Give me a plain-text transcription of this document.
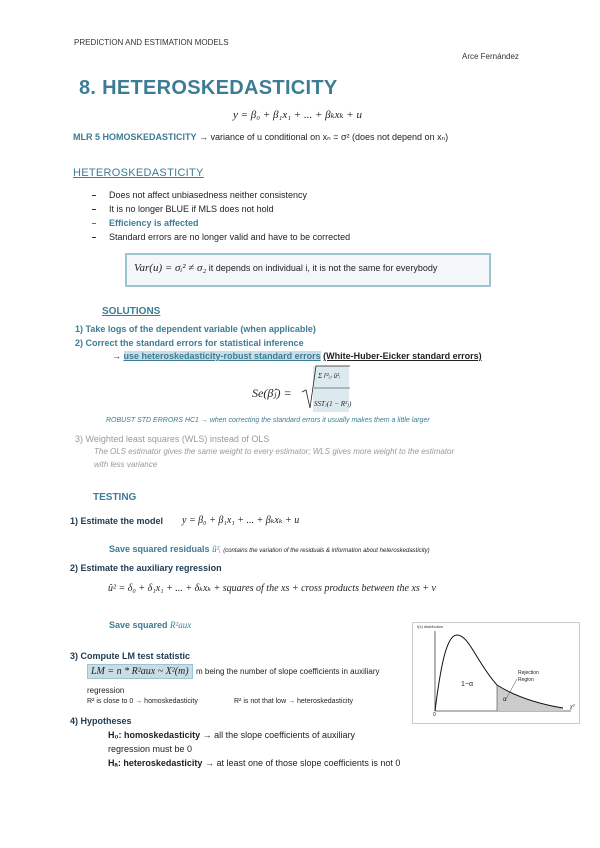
PREDICTION AND ESTIMATION MODELS
Arce Fernández
8. HETEROSKEDASTICITY
y = β₀ + β₁x₁ + ... + βₖxₖ + u
MLR 5 HOMOSKEDASTICITY → variance of u conditional on xₙ = σ² (does not depend on xₙ)
HETEROSKEDASTICITY
Does not affect unbiasedness neither consistency
It is no longer BLUE if MLS does not hold
Efficiency is affected
Standard errors are no longer valid and have to be corrected
Var(u) = σᵢ² ≠ σ₂ it depends on individual i, it is not the same for everybody
SOLUTIONS
1) Take logs of the dependent variable (when applicable)
2) Correct the standard errors for statistical inference
→ use heteroskedasticity-robust standard errors (White-Huber-Eicker standard errors)
Se(β̂ⱼ) =
Σ r̂²ᵢⱼ û²ᵢ
SSTⱼ(1 − R²ⱼ)
ROBUST STD ERRORS HC1 → when correcting the standard errors it usually makes them a little larger
3) Weighted least squares (WLS) instead of OLS
The OLS estimator gives the same weight to every estimator; WLS gives more weight to the estimator
with less variance
TESTING
1) Estimate the model y = β₀ + β₁x₁ + ... + βₖxₖ + u
Save squared residuals û²ᵢ (contains the variation of the residuals & information about heteroskedasticity)
2) Estimate the auxiliary regression
û² = δ₀ + δ₁x₁ + ... + δₖxₖ + squares of the xs + cross products between the xs + v
Save squared R²aux
3) Compute LM test statistic
LM = n * R²aux ~ X²(m) m being the number of slope coefficients in auxiliary
regression
R² is close to 0 → homoskedasticity	R² is not that low → heteroskedasticity
4) Hypotheses
H₀: homoskedasticity → all the slope coefficients of auxiliary
regression must be 0
Hₐ: heteroskedasticity → at least one of those slope coefficients is not 0
f(x) distribution
1−α
α
Rejection
Region
0
χ²
